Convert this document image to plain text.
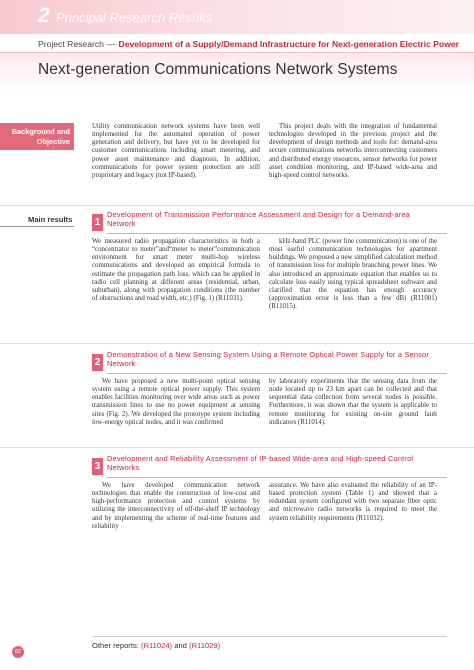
2 Principal Research Results
Project Research — Development of a Supply/Demand Infrastructure for Next-generation Electric Power
Next-generation Communications Network Systems
Background and Objective

Utility communication network systems have been well implemented for the automated operation of power generation and delivery, but have yet to be developed for customer communications including smart metering, and power asset maintenance and diagnosis. In addition, communications for power system protection are still proprietary and legacy (not IP-based).

This project deals with the integration of fundamental technologies developed in the previous project and the development of design methods and tools for: demand-area secure communications networks interconnecting customers and distributed energy resources, sensor networks for power asset condition monitoring, and IP-based wide-area and high-speed control networks.

Main results 1
Development of Transmission Performance Assessment and Design for a Demand-area Network

We measured radio propagation characteristics in both a “concentrator to meter”and“meter to meter”communication environment for smart meter multi-hop wireless communications and developed an empirical formula to estimate the propagation path loss, which can be applied in radio cell planning at different areas (residential, urban, suburban), along with propagation conditions (the number of obstructions and road width, etc.) (Fig. 1) (R11031).

kHz-band PLC (power line communication) is one of the most useful communication technologies for apartment buildings. We proposed a new simplified calculation method of transmission loss for multiple branching power lines. We also introduced an approximate equation that enables us to calculate loss easily using typical spreadsheet software and clarified that the equation has enough accuracy (approximation error is less than a few dB) (R11001) (R11015).

2
Demonstration of a New Sensing System Using a Remote Optical Power Supply for a Sensor Network

We have proposed a new multi-point optical sensing system using a remote optical power supply. This system enables facilities monitoring over wide areas such as power transmission lines to use no power equipment at sensing sites (Fig. 2). We developed the prototype system including low-energy optical nodes, and it was confirmed

by laboratory experiments that the sensing data from the node located up to 23 km apart can be collected and that sequential data collection from several nodes is possible. Furthermore, it was shown that the system is applicable to remote monitoring for existing on-site ground fault indicators (R11014).

3
Development and Reliability Assessment of IP-based Wide-area and High-speed Control Networks

We have developed communication network technologies that enable the construction of low-cost and high-performance protection and control systems by utilizing the interconnectivity of off-the-shelf IP technology and by implementing the scheme of real-time features and reliability

assurance. We have also evaluated the reliability of an IP-based protection system (Table 1) and showed that a redundant system configured with two separate fiber optic and microwave radio networks is required to meet the system reliability requirements (R11032).

Other reports: (R11024) and (R11029)
82
